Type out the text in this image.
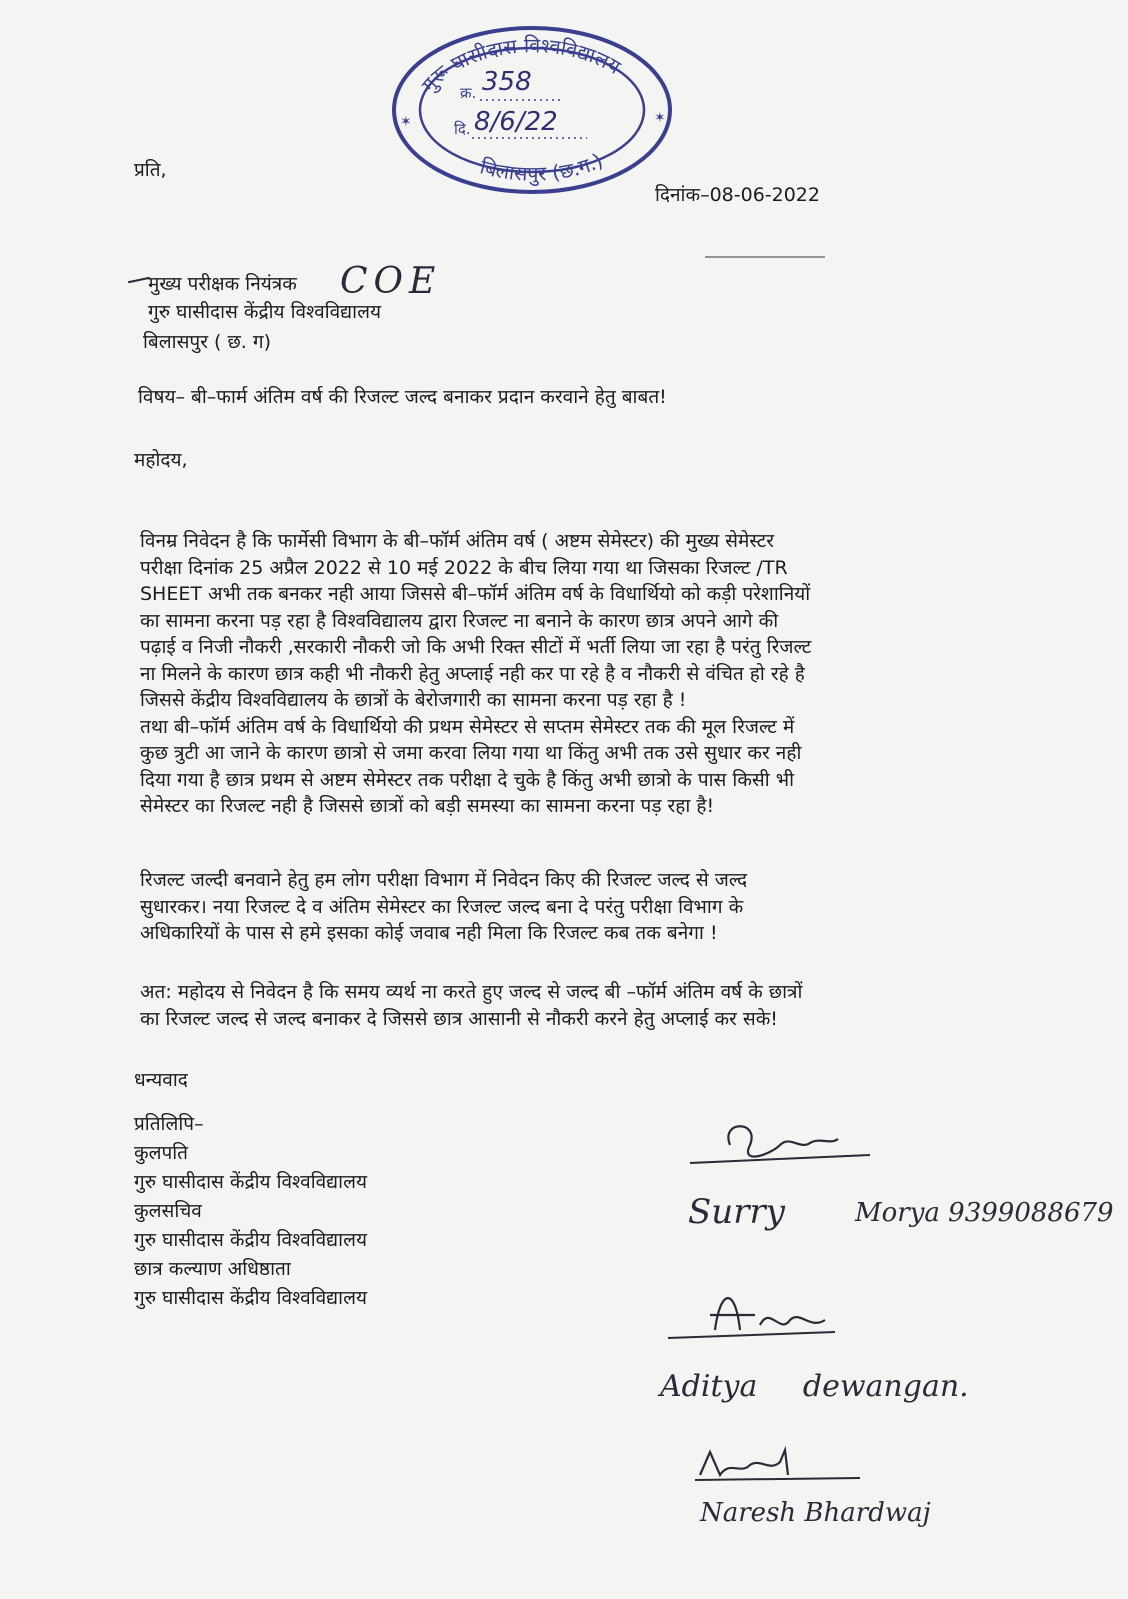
गुरू घासीदास विश्वविद्यालय
बिलासपुर (छ.ग.)
क्र. 358
दि. 8/6/22
✶	✶
प्रति,
दिनांक–08-06-2022
मुख्य परीक्षक नियंत्रक COE
गुरु घासीदास केंद्रीय विश्वविद्यालय
बिलासपुर ( छ. ग)
विषय– बी–फार्म अंतिम वर्ष की रिजल्ट जल्द बनाकर प्रदान करवाने हेतु बाबत!
महोदय,
विनम्र निवेदन है कि फार्मेसी विभाग के बी–फॉर्म अंतिम वर्ष ( अष्टम सेमेस्टर) की मुख्य सेमेस्टर
परीक्षा दिनांक 25 अप्रैल 2022 से 10 मई 2022 के बीच लिया गया था जिसका रिजल्ट /TR
SHEET अभी तक बनकर नही आया जिससे बी–फॉर्म अंतिम वर्ष के विधार्थियो को कड़ी परेशानियों
का सामना करना पड़ रहा है विश्वविद्यालय द्वारा रिजल्ट ना बनाने के कारण छात्र अपने आगे की
पढ़ाई व निजी नौकरी ,सरकारी नौकरी जो कि अभी रिक्त सीटों में भर्ती लिया जा रहा है परंतु रिजल्ट
ना मिलने के कारण छात्र कही भी नौकरी हेतु अप्लाई नही कर पा रहे है व नौकरी से वंचित हो रहे है
जिससे केंद्रीय विश्वविद्यालय के छात्रों के बेरोजगारी का सामना करना पड़ रहा है !
तथा बी–फॉर्म अंतिम वर्ष के विधार्थियो की प्रथम सेमेस्टर से सप्तम सेमेस्टर तक की मूल रिजल्ट में
कुछ त्रुटी आ जाने के कारण छात्रो से जमा करवा लिया गया था किंतु अभी तक उसे सुधार कर नही
दिया गया है छात्र प्रथम से अष्टम सेमेस्टर तक परीक्षा दे चुके है किंतु अभी छात्रो के पास किसी भी
सेमेस्टर का रिजल्ट नही है जिससे छात्रों को बड़ी समस्या का सामना करना पड़ रहा है!
रिजल्ट जल्दी बनवाने हेतु हम लोग परीक्षा विभाग में निवेदन किए की रिजल्ट जल्द से जल्द
सुधारकर। नया रिजल्ट दे व अंतिम सेमेस्टर का रिजल्ट जल्द बना दे परंतु परीक्षा विभाग के
अधिकारियों के पास से हमे इसका कोई जवाब नही मिला कि रिजल्ट कब तक बनेगा !
अत: महोदय से निवेदन है कि समय व्यर्थ ना करते हुए जल्द से जल्द बी –फॉर्म अंतिम वर्ष के छात्रों
का रिजल्ट जल्द से जल्द बनाकर दे जिससे छात्र आसानी से नौकरी करने हेतु अप्लाई कर सके!
धन्यवाद
प्रतिलिपि–
कुलपति
गुरु घासीदास केंद्रीय विश्वविद्यालय
कुलसचिव
गुरु घासीदास केंद्रीय विश्वविद्यालय
छात्र कल्याण अधिष्ठाता
गुरु घासीदास केंद्रीय विश्वविद्यालय
Surry	Morya 9399088679
Aditya dewangan.
Naresh Bhardwaj
